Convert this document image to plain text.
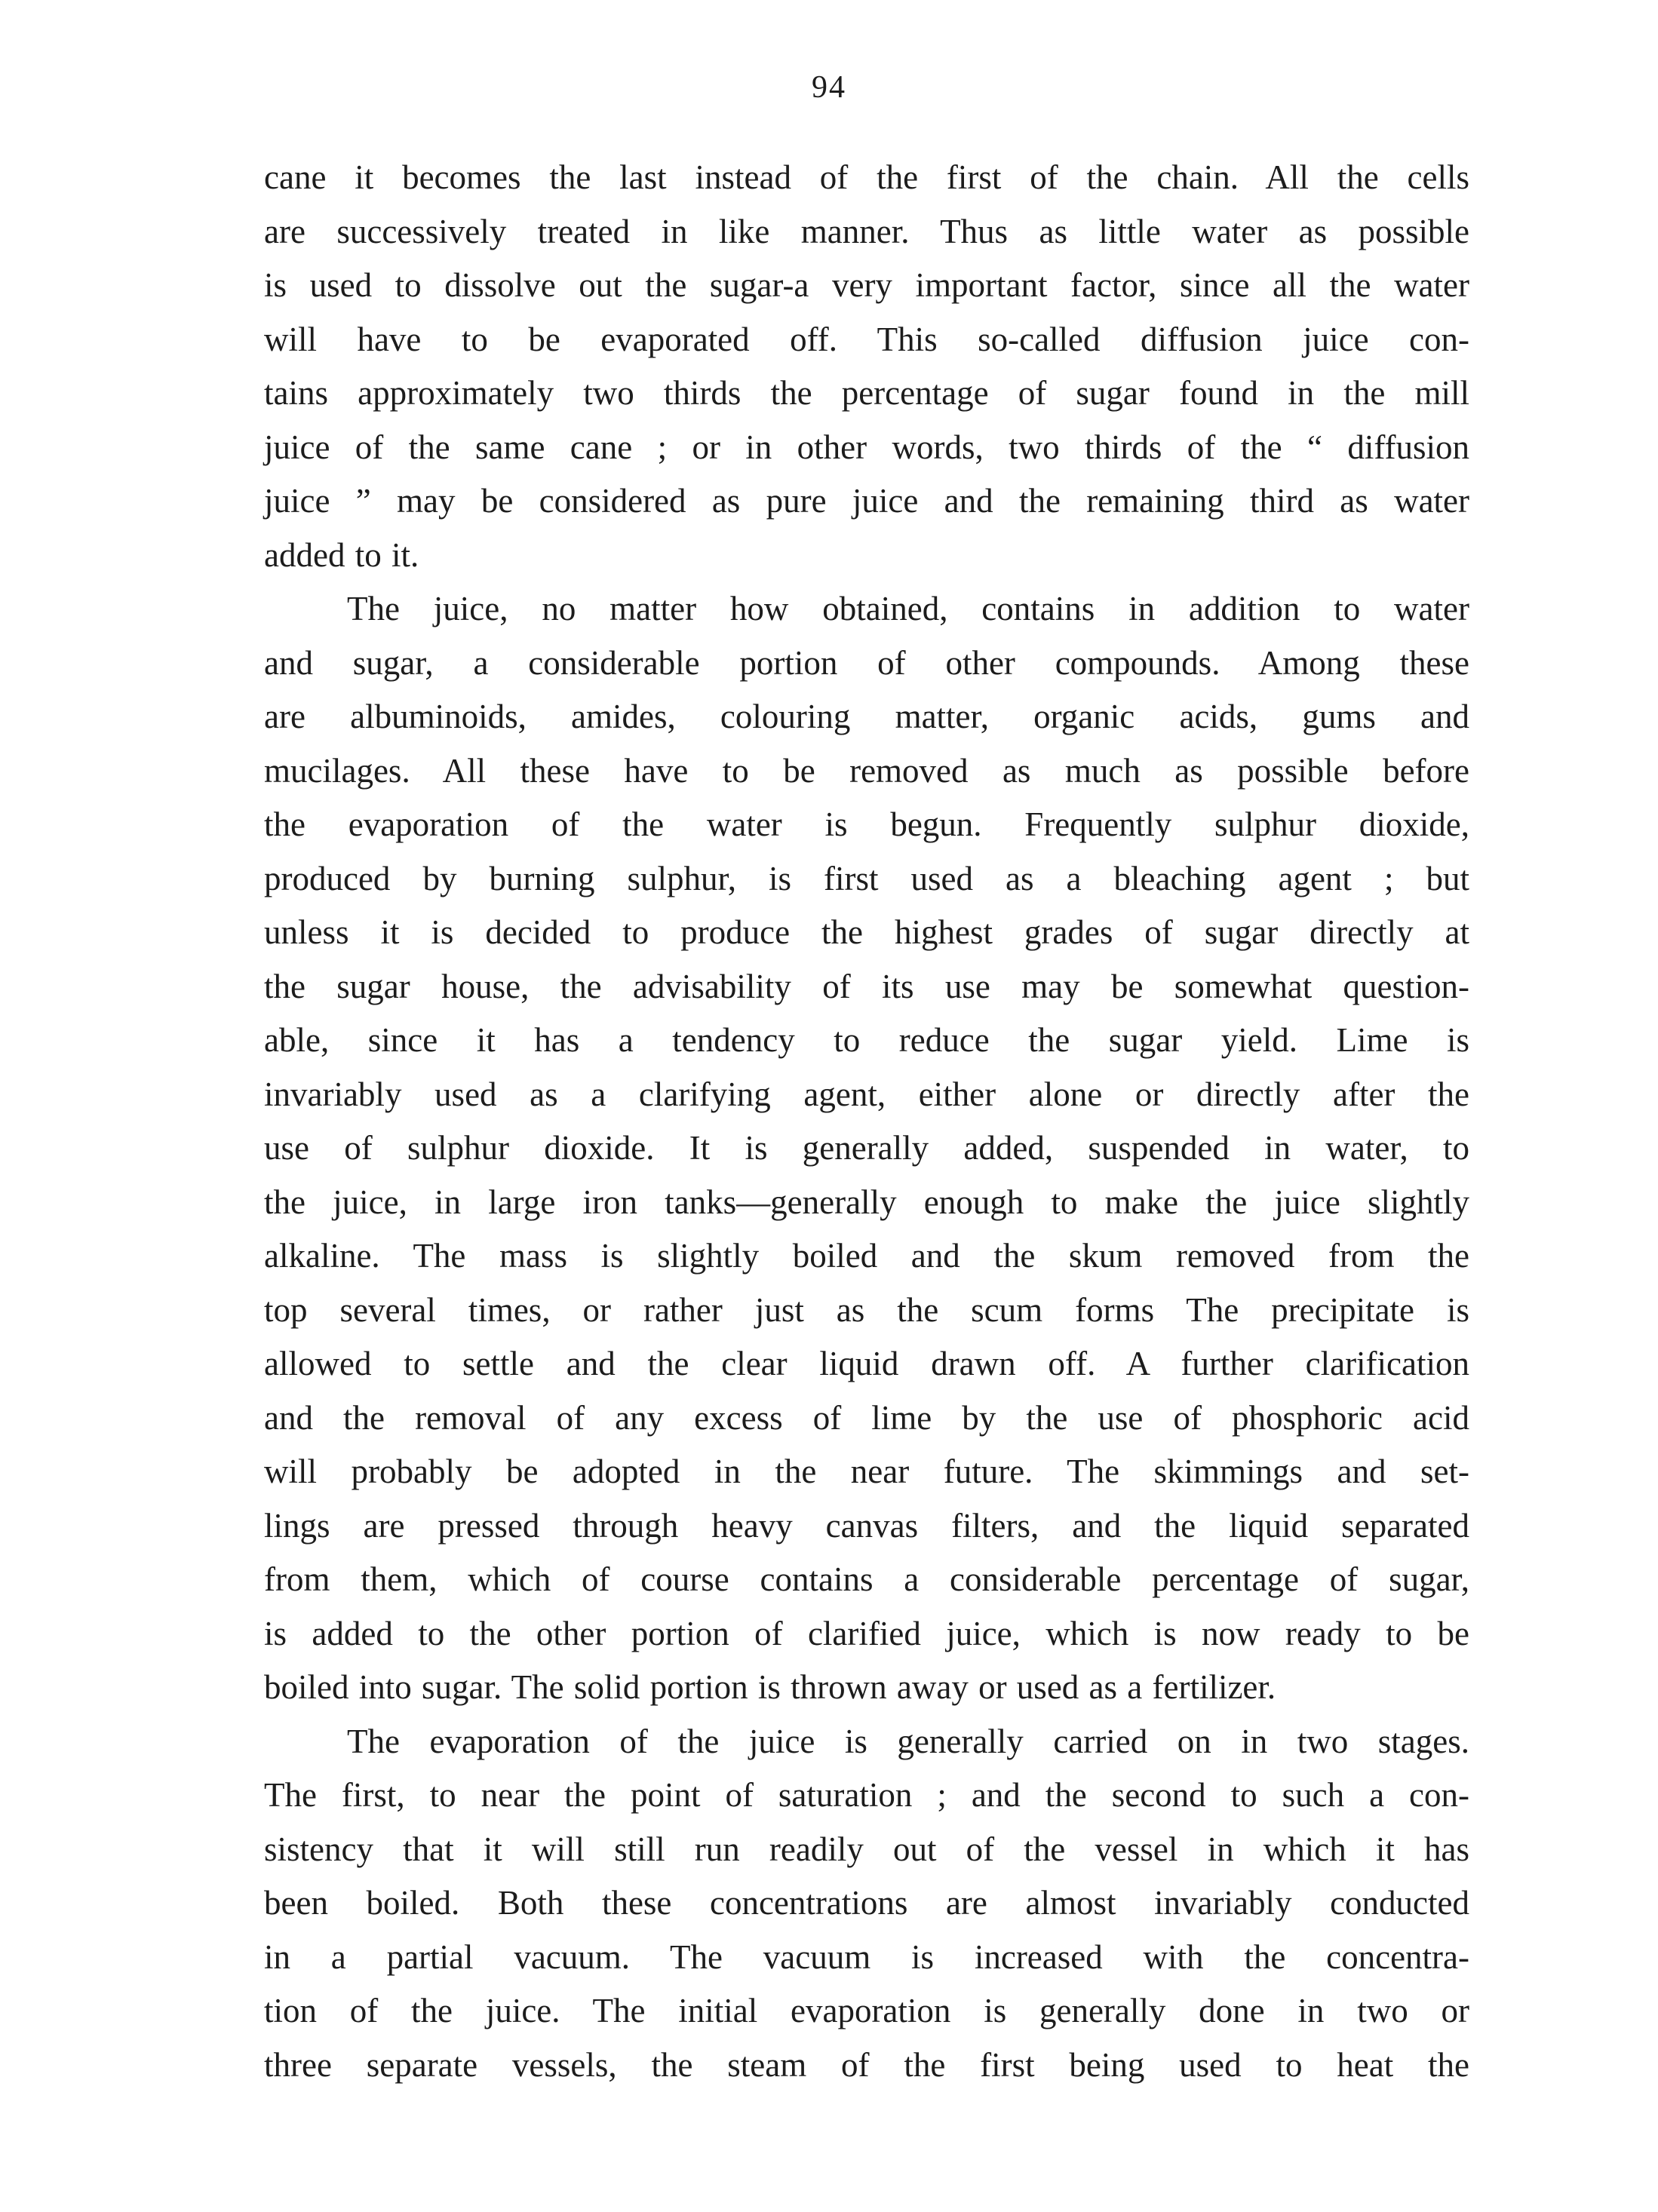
94
cane it becomes the last instead of the first of the chain. All the cells
are successively treated in like manner. Thus as little water as possible
is used to dissolve out the sugar-a very important factor, since all the water
will have to be evaporated off. This so-called diffusion juice con-
tains approximately two thirds the percentage of sugar found in the mill
juice of the same cane ; or in other words, two thirds of the “ diffusion
juice ” may be considered as pure juice and the remaining third as water
added to it.
The juice, no matter how obtained, contains in addition to water
and sugar, a considerable portion of other compounds. Among these
are albuminoids, amides, colouring matter, organic acids, gums and
mucilages. All these have to be removed as much as possible before
the evaporation of the water is begun. Frequently sulphur dioxide,
produced by burning sulphur, is first used as a bleaching agent ; but
unless it is decided to produce the highest grades of sugar directly at
the sugar house, the advisability of its use may be somewhat question-
able, since it has a tendency to reduce the sugar yield. Lime is
invariably used as a clarifying agent, either alone or directly after the
use of sulphur dioxide. It is generally added, suspended in water, to
the juice, in large iron tanks—generally enough to make the juice slightly
alkaline. The mass is slightly boiled and the skum removed from the
top several times, or rather just as the scum forms The precipitate is
allowed to settle and the clear liquid drawn off. A further clarification
and the removal of any excess of lime by the use of phosphoric acid
will probably be adopted in the near future. The skimmings and set-
lings are pressed through heavy canvas filters, and the liquid separated
from them, which of course contains a considerable percentage of sugar,
is added to the other portion of clarified juice, which is now ready to be
boiled into sugar. The solid portion is thrown away or used as a fertilizer.
The evaporation of the juice is generally carried on in two stages.
The first, to near the point of saturation ; and the second to such a con-
sistency that it will still run readily out of the vessel in which it has
been boiled. Both these concentrations are almost invariably conducted
in a partial vacuum. The vacuum is increased with the concentra-
tion of the juice. The initial evaporation is generally done in two or
three separate vessels, the steam of the first being used to heat the
